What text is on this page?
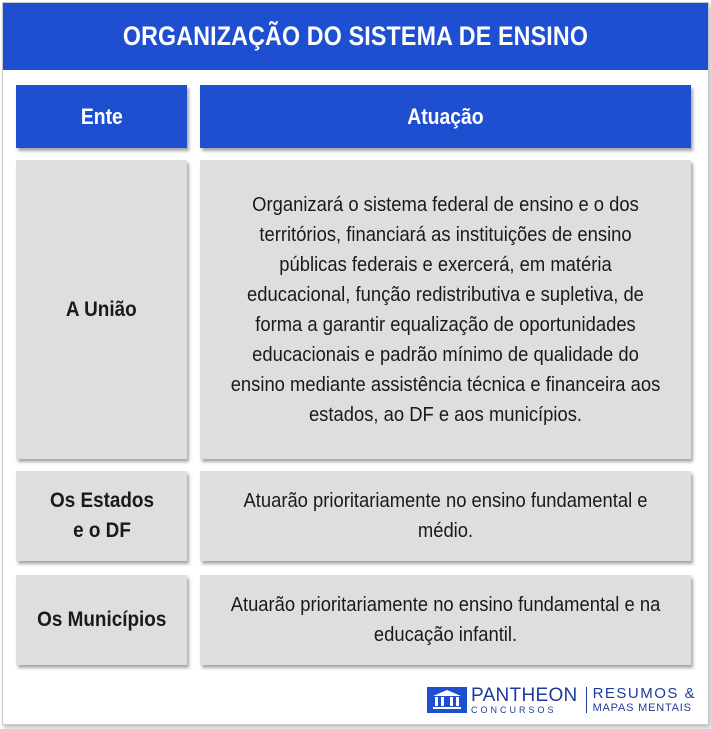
ORGANIZAÇÃO DO SISTEMA DE ENSINO
Ente	Atuação
A União
Organizará o sistema federal de ensino e o dos territórios, financiará as instituições de ensino públicas federais e exercerá, em matéria educacional, função redistributiva e supletiva, de forma a garantir equalização de oportunidades educacionais e padrão mínimo de qualidade do ensino mediante assistência técnica e financeira aos estados, ao DF e aos municípios.
Os Estados e o DF
Atuarão prioritariamente no ensino fundamental e médio.
Os Municípios
Atuarão prioritariamente no ensino fundamental e na educação infantil.
PANTHEON
CONCURSOS
RESUMOS &
MAPAS MENTAIS
